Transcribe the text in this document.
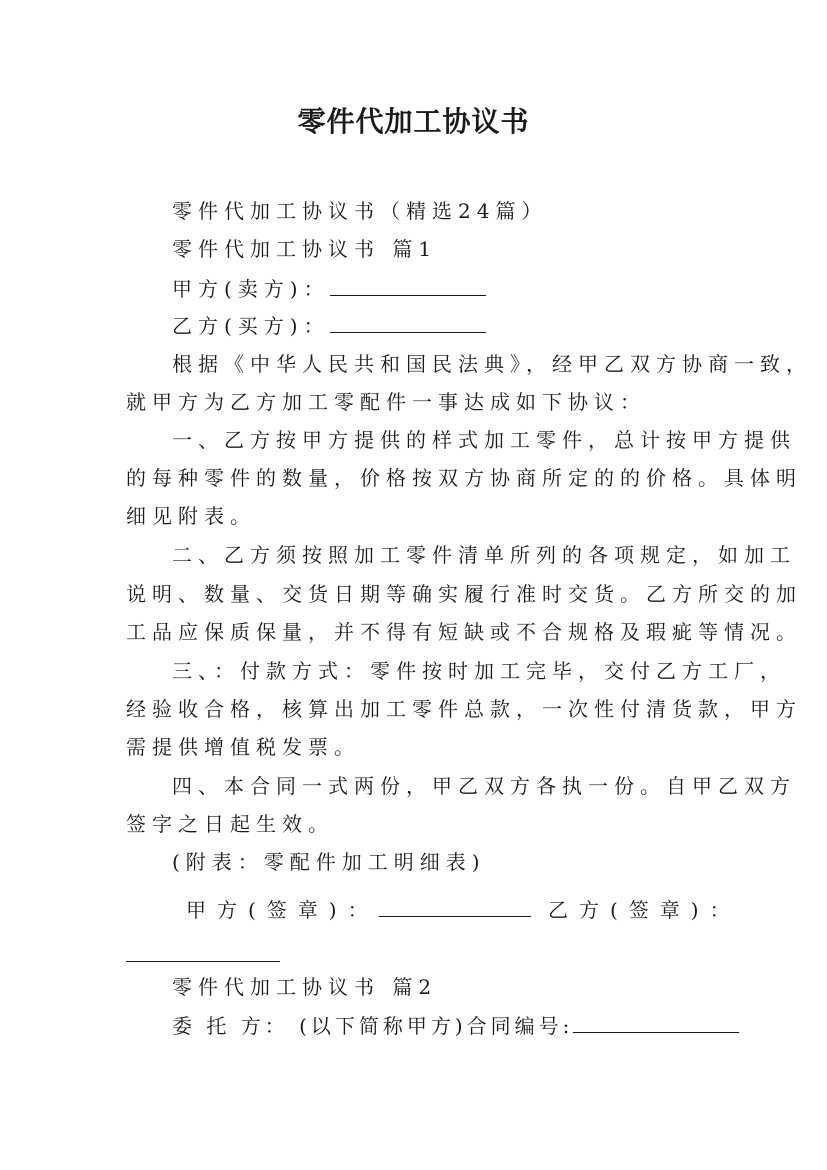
零件代加工协议书
零件代加工协议书（精选24篇）
零件代加工协议书 篇1
甲方(卖方)：
乙方(买方)：
根据《中华人民共和国民法典》，经甲乙双方协商一致，
就甲方为乙方加工零配件一事达成如下协议：
一、乙方按甲方提供的样式加工零件，总计按甲方提供
的每种零件的数量，价格按双方协商所定的的价格。具体明
细见附表。
二、乙方须按照加工零件清单所列的各项规定，如加工
说明、数量、交货日期等确实履行准时交货。乙方所交的加
工品应保质保量，并不得有短缺或不合规格及瑕疵等情况。
三、：付款方式：零件按时加工完毕，交付乙方工厂，
经验收合格，核算出加工零件总款，一次性付清货款，甲方
需提供增值税发票。
四、本合同一式两份，甲乙双方各执一份。自甲乙双方
签字之日起生效。
(附表：零配件加工明细表)
甲方(签章)：	乙方(签章)：
零件代加工协议书 篇2
委 托 方： (以下简称甲方)合同编号:
